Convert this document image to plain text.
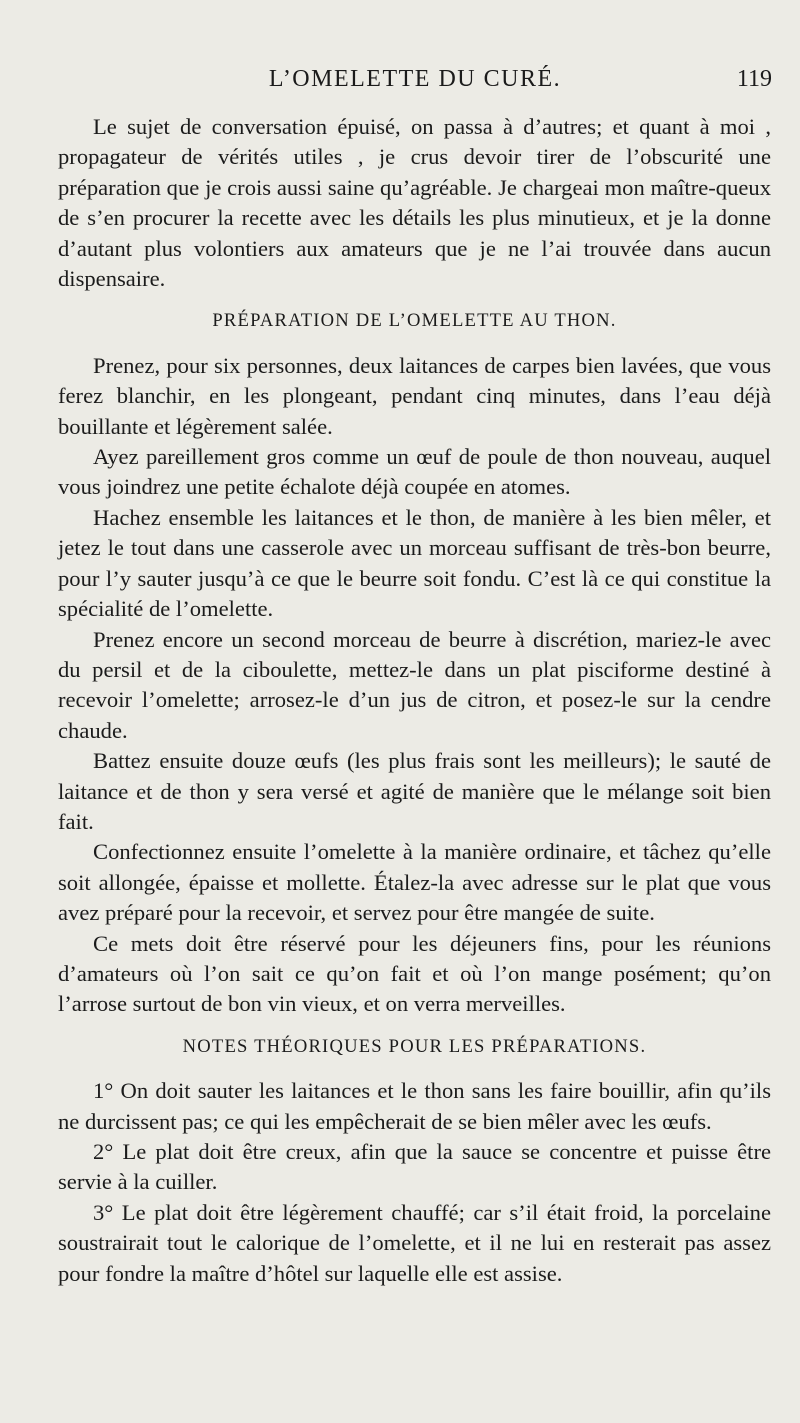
L’OMELETTE DU CURÉ.	119

Le sujet de conversation épuisé, on passa à d’autres; et quant à moi , propagateur de vérités utiles , je crus devoir tirer de l’obscurité une préparation que je crois aussi saine qu’agréable. Je chargeai mon maître-queux de s’en procurer la recette avec les détails les plus minutieux, et je la donne d’autant plus volontiers aux amateurs que je ne l’ai trouvée dans aucun dispensaire.

PRÉPARATION DE L’OMELETTE AU THON.

Prenez, pour six personnes, deux laitances de carpes bien lavées, que vous ferez blanchir, en les plongeant, pendant cinq minutes, dans l’eau déjà bouillante et légèrement salée.

Ayez pareillement gros comme un œuf de poule de thon nouveau, auquel vous joindrez une petite échalote déjà coupée en atomes.

Hachez ensemble les laitances et le thon, de manière à les bien mêler, et jetez le tout dans une casserole avec un morceau suffisant de très-bon beurre, pour l’y sauter jusqu’à ce que le beurre soit fondu. C’est là ce qui constitue la spécialité de l’omelette.

Prenez encore un second morceau de beurre à discrétion, mariez-le avec du persil et de la ciboulette, mettez-le dans un plat pisciforme destiné à recevoir l’omelette; arrosez-le d’un jus de citron, et posez-le sur la cendre chaude.

Battez ensuite douze œufs (les plus frais sont les meilleurs); le sauté de laitance et de thon y sera versé et agité de manière que le mélange soit bien fait.

Confectionnez ensuite l’omelette à la manière ordinaire, et tâchez qu’elle soit allongée, épaisse et mollette. Étalez-la avec adresse sur le plat que vous avez préparé pour la recevoir, et servez pour être mangée de suite.

Ce mets doit être réservé pour les déjeuners fins, pour les réunions d’amateurs où l’on sait ce qu’on fait et où l’on mange posément; qu’on l’arrose surtout de bon vin vieux, et on verra merveilles.

NOTES THÉORIQUES POUR LES PRÉPARATIONS.

1° On doit sauter les laitances et le thon sans les faire bouillir, afin qu’ils ne durcissent pas; ce qui les empêcherait de se bien mêler avec les œufs.

2° Le plat doit être creux, afin que la sauce se concentre et puisse être servie à la cuiller.

3° Le plat doit être légèrement chauffé; car s’il était froid, la porcelaine soustrairait tout le calorique de l’omelette, et il ne lui en resterait pas assez pour fondre la maître d’hôtel sur laquelle elle est assise.
